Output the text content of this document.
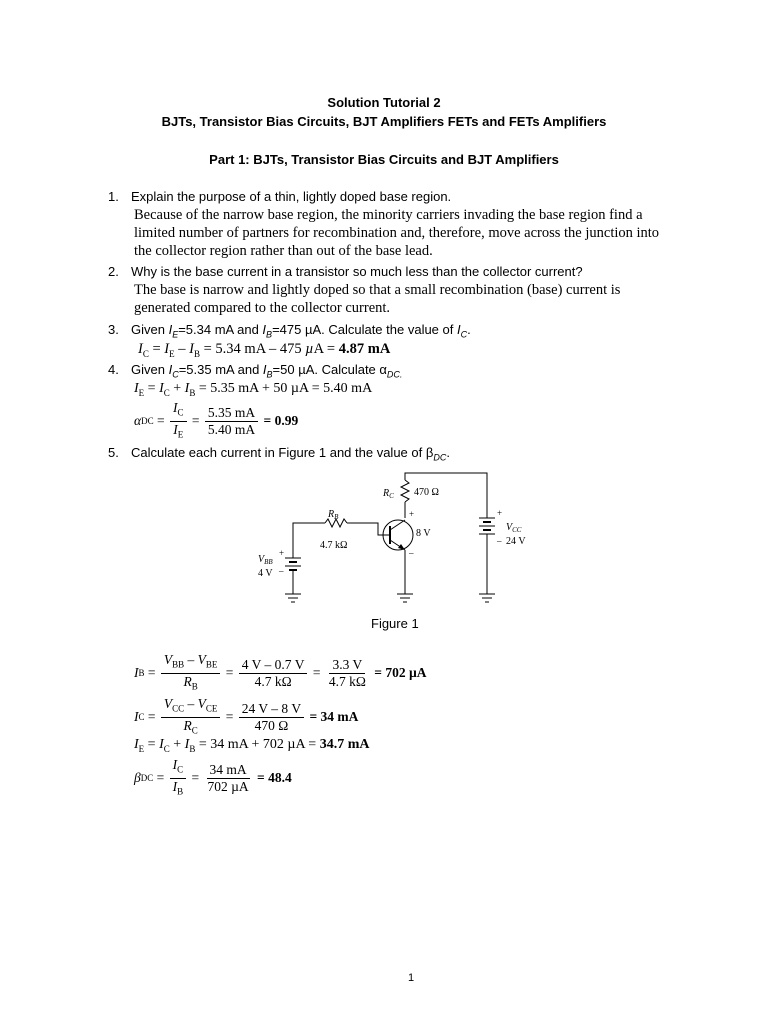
Solution Tutorial 2
BJTs, Transistor Bias Circuits, BJT Amplifiers FETs and FETs Amplifiers
Part 1: BJTs, Transistor Bias Circuits and BJT Amplifiers
1. Explain the purpose of a thin, lightly doped base region.
Because of the narrow base region, the minority carriers invading the base region find a
limited number of partners for recombination and, therefore, move across the junction into
the collector region rather than out of the base lead.
2. Why is the base current in a transistor so much less than the collector current?
The base is narrow and lightly doped so that a small recombination (base) current is
generated compared to the collector current.
3. Given $I_E=5.34$ mA and $I_B=475$ µA. Calculate the value of $I_C$.
$I_C = I_E - I_B = 5.34$ mA – 475 µA = 4.87 mA
4. Given $I_C=5.35$ mA and $I_B=50$ µA. Calculate $\alpha_{DC.}$
$I_E = I_C + I_B = 5.35$ mA + 50 µA = 5.40 mA
α DC = $\frac{I_C}{I_E} = \frac{5.35 mA}{5.40 mA}$
= 0.99
5. Calculate each current in Figure 1 and the value of $\beta_{DC}$.
$R_C$ 470 Ω
$R_B$
4.7 kΩ
+
8 V
–
$V_{BB}$
4 V
+
–
+
$V_{CC}$
– 24 V
Figure 1
I $B = \frac{V_{BB} - V_{BE}}{R_B} = \frac{4 V - 0.7 V}{4.7 k\Omega} = \frac{3.3 V}{4.7 k\Omega}$
= 702 µA
I $C = \frac{V_{CC} - V_{CE}}{R_C} = \frac{24 V - 8 V}{470 \Omega}$
= 34 mA
$I_E = I_C + I_B = 34$ mA + 702 µA = 34.7 mA
β DC = $\frac{I_C}{I_B} = \frac{34 mA}{\text{702 µA}}$
= 48.4
1
